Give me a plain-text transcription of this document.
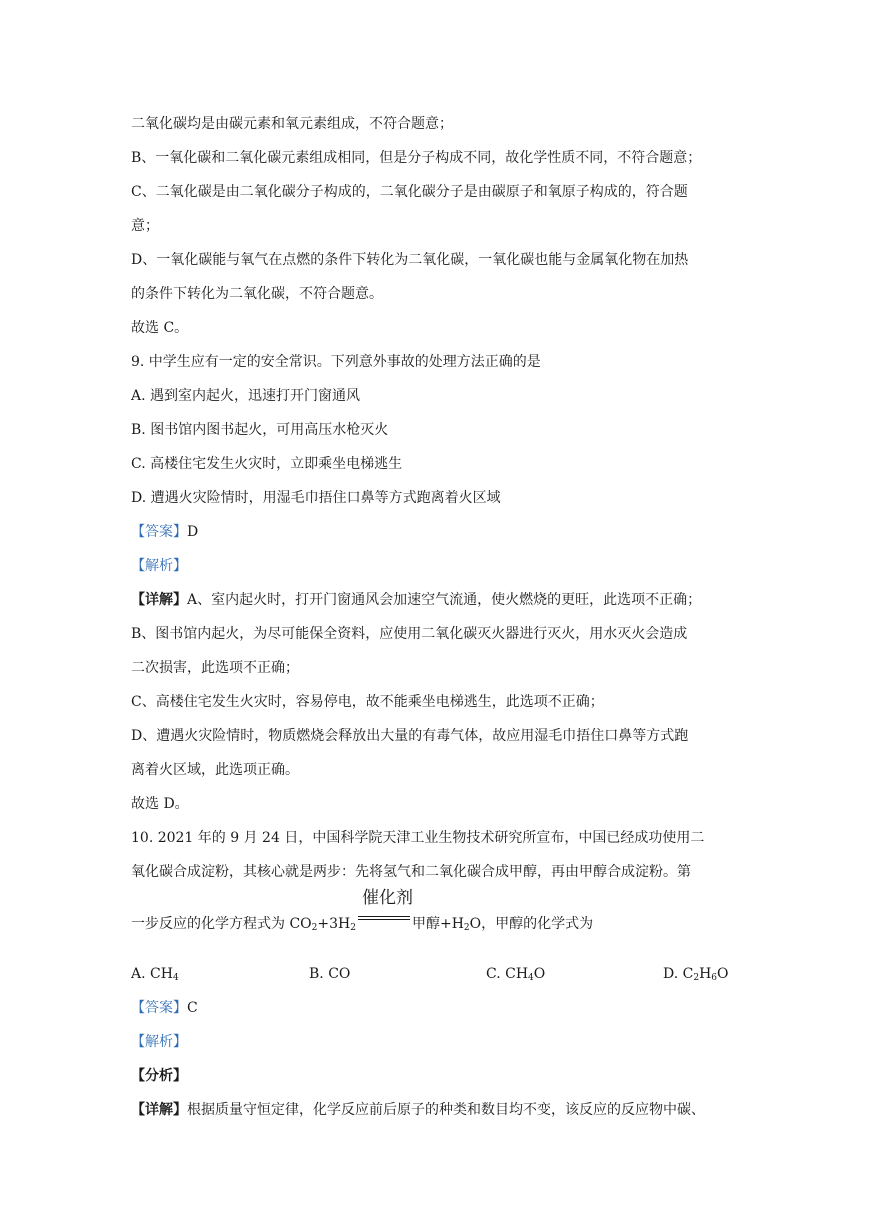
二氧化碳均是由碳元素和氧元素组成，不符合题意；
B、一氧化碳和二氧化碳元素组成相同，但是分子构成不同，故化学性质不同，不符合题意；
C、二氧化碳是由二氧化碳分子构成的，二氧化碳分子是由碳原子和氧原子构成的，符合题
意；
D、一氧化碳能与氧气在点燃的条件下转化为二氧化碳，一氧化碳也能与金属氧化物在加热
的条件下转化为二氧化碳，不符合题意。
故选 C。
9. 中学生应有一定的安全常识。下列意外事故的处理方法正确的是
A. 遇到室内起火，迅速打开门窗通风
B. 图书馆内图书起火，可用高压水枪灭火
C. 高楼住宅发生火灾时，立即乘坐电梯逃生
D. 遭遇火灾险情时，用湿毛巾捂住口鼻等方式跑离着火区域
【答案】D
【解析】
【详解】A、室内起火时，打开门窗通风会加速空气流通，使火燃烧的更旺，此选项不正确；
B、图书馆内起火，为尽可能保全资料，应使用二氧化碳灭火器进行灭火，用水灭火会造成
二次损害，此选项不正确；
C、高楼住宅发生火灾时，容易停电，故不能乘坐电梯逃生，此选项不正确；
D、遭遇火灾险情时，物质燃烧会释放出大量的有毒气体，故应用湿毛巾捂住口鼻等方式跑
离着火区域，此选项正确。
故选 D。
10. 2021 年的 9 月 24 日，中国科学院天津工业生物技术研究所宣布，中国已经成功使用二
氧化碳合成淀粉，其核心就是两步：先将氢气和二氧化碳合成甲醇，再由甲醇合成淀粉。第
一步反应的化学方程式为 $CO_2+3H_2$
催化剂
甲醇$+H_2O$，甲醇的化学式为
A. $CH_4$	B. CO	C. $CH_4O$	D. $C_2H_6O$
【答案】C
【解析】
【分析】
【详解】根据质量守恒定律，化学反应前后原子的种类和数目均不变，该反应的反应物中碳、
